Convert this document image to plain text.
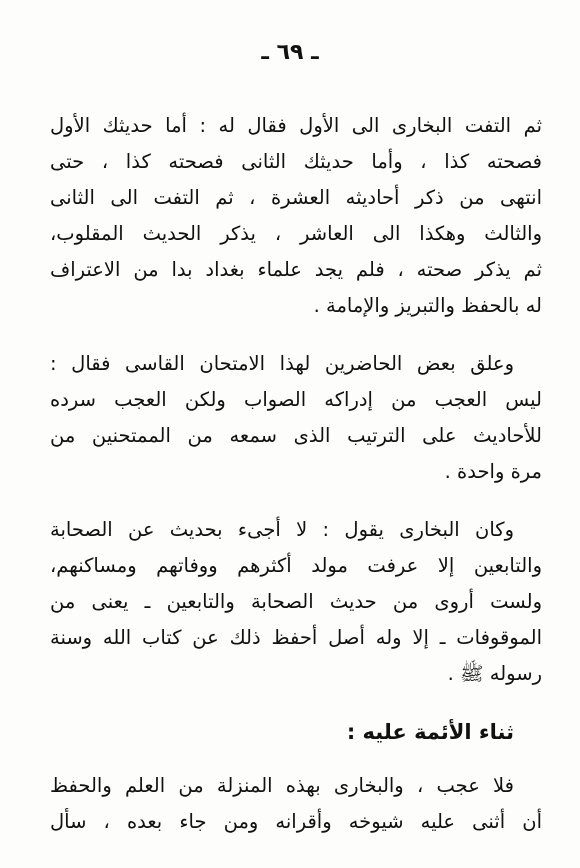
ـ ٦٩ ـ

ثم التفت البخارى الى الأول فقال له : أما حديثك الأول
فصحته كذا ، وأما حديثك الثانى فصحته كذا ، حتى
انتهى من ذكر أحاديثه العشرة ، ثم التفت الى الثانى
والثالث وهكذا الى العاشر ، يذكر الحديث المقلوب،
ثم يذكر صحته ، فلم يجد علماء بغداد بدا من الاعتراف
له بالحفظ والتبريز والإمامة .

وعلق بعض الحاضرين لهذا الامتحان القاسى فقال :
ليس العجب من إدراكه الصواب ولكن العجب سرده
للأحاديث على الترتيب الذى سمعه من الممتحنين من
مرة واحدة .

وكان البخارى يقول : لا أجىء بحديث عن الصحابة
والتابعين إلا عرفت مولد أكثرهم ووفاتهم ومساكنهم،
ولست أروى من حديث الصحابة والتابعين ـ يعنى من
الموقوفات ـ إلا وله أصل أحفظ ذلك عن كتاب الله وسنة
رسوله ﷺ .

ثناء الأئمة عليه :

فلا عجب ، والبخارى بهذه المنزلة من العلم والحفظ
أن أثنى عليه شيوخه وأقرانه ومن جاء بعده ، سأل
